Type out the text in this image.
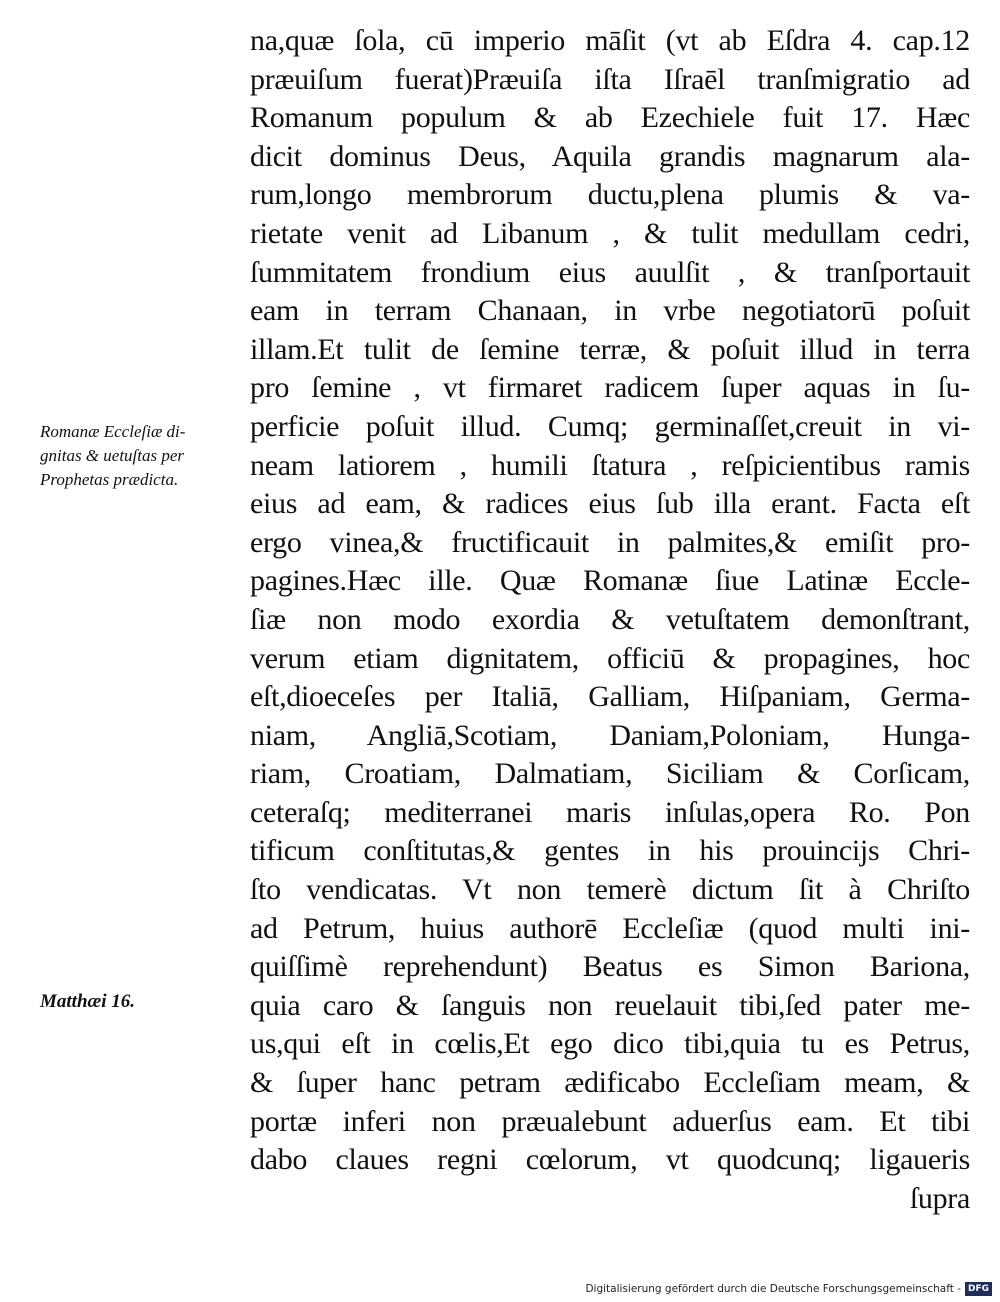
na,quæ ſola, cū imperio māſit (vt ab Eſdra 4. cap.12
præuiſum fuerat)Præuiſa iſta Iſraēl tranſmigratio ad
Romanum populum & ab Ezechiele fuit 17. Hæc
dicit dominus Deus, Aquila grandis magnarum ala-
rum,longo membrorum ductu,plena plumis & va-
rietate venit ad Libanum , & tulit medullam cedri,
ſummitatem frondium eius auulſit , & tranſportauit
eam in terram Chanaan, in vrbe negotiatorū poſuit
illam.Et tulit de ſemine terræ, & poſuit illud in terra
pro ſemine , vt firmaret radicem ſuper aquas in ſu-
perficie poſuit illud. Cumq; germinaſſet,creuit in vi-
neam latiorem , humili ſtatura , reſpicientibus ramis
eius ad eam, & radices eius ſub illa erant. Facta eſt
ergo vinea,& fructificauit in palmites,& emiſit pro-
pagines.Hæc ille. Quæ Romanæ ſiue Latinæ Eccle-
ſiæ non modo exordia & vetuſtatem demonſtrant,
verum etiam dignitatem, officiū & propagines, hoc
eſt,dioeceſes per Italiā, Galliam, Hiſpaniam, Germa-
niam, Angliā,Scotiam, Daniam,Poloniam, Hunga-
riam, Croatiam, Dalmatiam, Siciliam & Corſicam,
ceteraſq; mediterranei maris inſulas,opera Ro. Pon
tificum conſtitutas,& gentes in his prouincijs Chri-
ſto vendicatas. Vt non temerè dictum ſit à Chriſto
ad Petrum, huius authorē Eccleſiæ (quod multi ini-
quiſſimè reprehendunt) Beatus es Simon Bariona,
quia caro & ſanguis non reuelauit tibi,ſed pater me-
us,qui eſt in cœlis,Et ego dico tibi,quia tu es Petrus,
& ſuper hanc petram ædificabo Eccleſiam meam, &
portæ inferi non præualebunt aduerſus eam. Et tibi
dabo claues regni cœlorum, vt quodcunq; ligaueris
ſupra
Romanæ Eccleſiæ di-
gnitas & uetuſtas per
Prophetas prædicta.
Matthæi 16.
Digitalisierung gefördert durch die Deutsche Forschungsgemeinschaft - DFG
